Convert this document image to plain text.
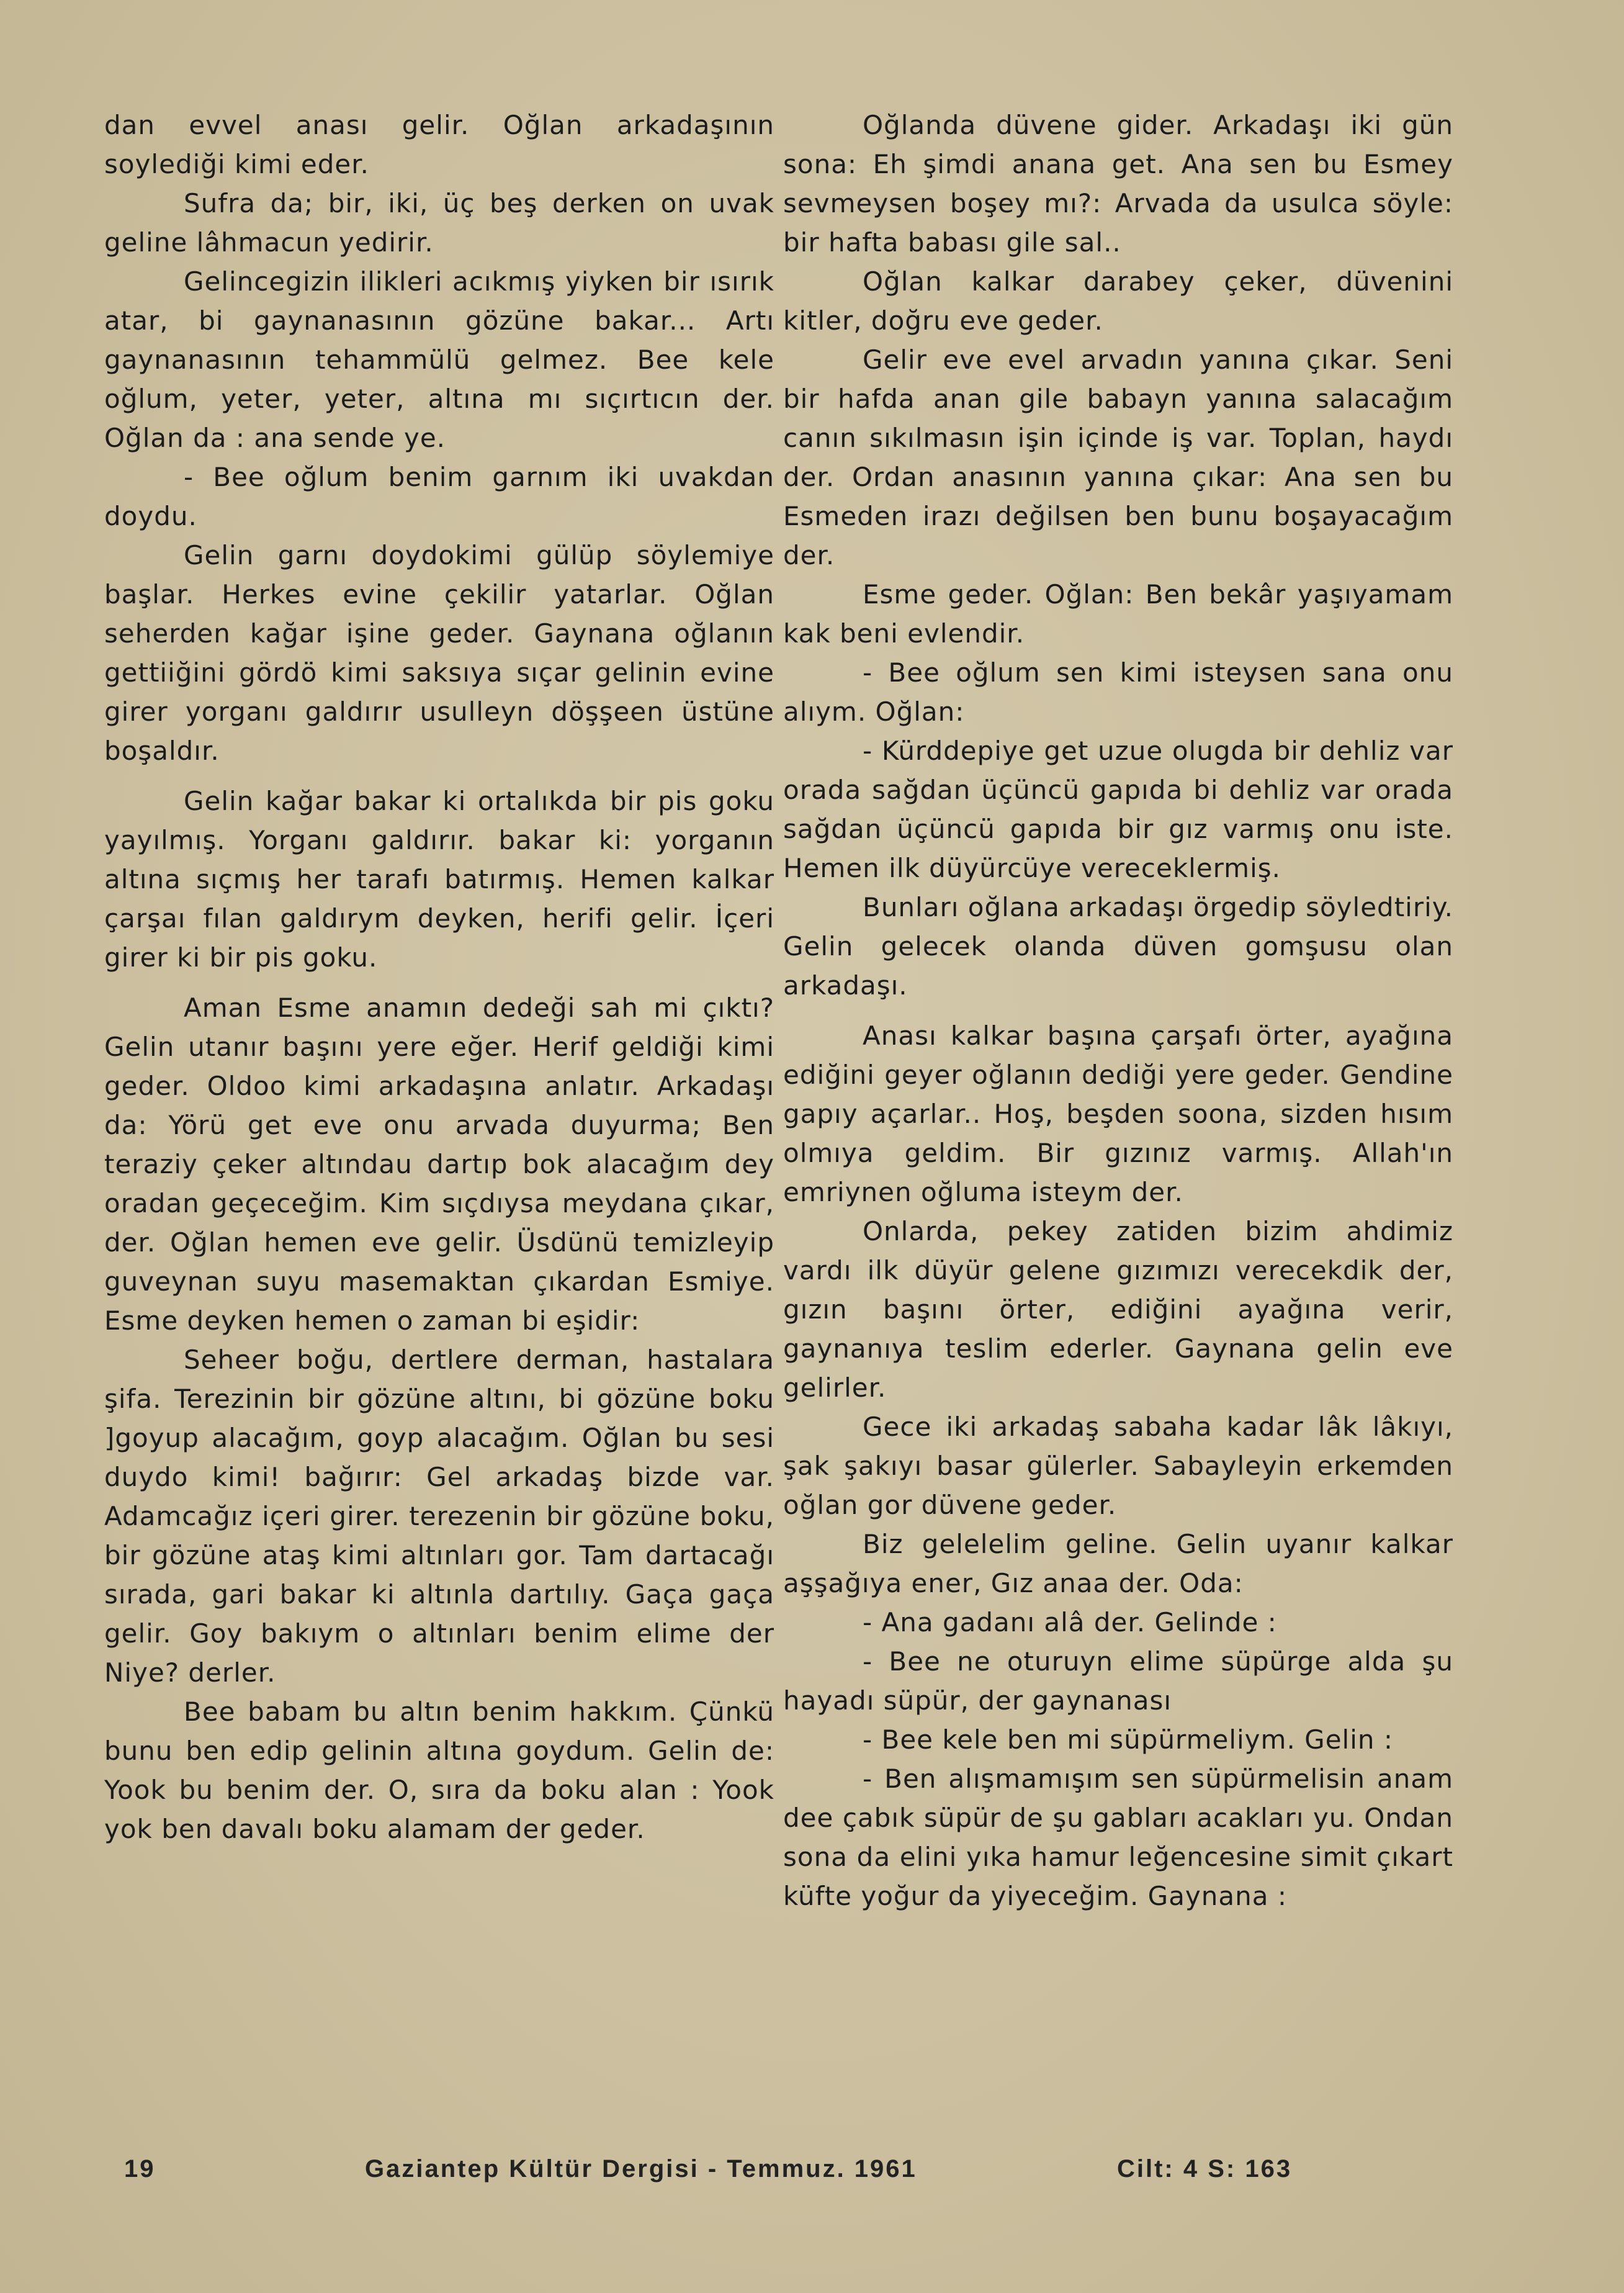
dan evvel anası gelir. Oğlan arkadaşının soylediği kimi eder.

Sufra da; bir, iki, üç beş derken on uvak geline lâhmacun yedirir.

Gelincegizin ilikleri acıkmış yiyken bir ısırık atar, bi gaynanasının gözüne bakar... Artı gaynanasının tehammülü gelmez. Bee kele oğlum, yeter, yeter, altına mı sıçırtıcın der. Oğlan da : ana sende ye.

- Bee oğlum benim garnım iki uvakdan doydu.

Gelin garnı doydokimi gülüp söylemiye başlar. Herkes evine çekilir yatarlar. Oğlan seherden kağar işine geder. Gaynana oğlanın gettiiğini gördö kimi saksıya sıçar gelinin evine girer yorganı galdırır usulleyn döşşeen üstüne boşaldır.

Gelin kağar bakar ki ortalıkda bir pis goku yayılmış. Yorganı galdırır. bakar ki: yorganın altına sıçmış her tarafı batırmış. Hemen kalkar çarşaı fılan galdırym deyken, herifi gelir. İçeri girer ki bir pis goku.

Aman Esme anamın dedeği sah mi çıktı? Gelin utanır başını yere eğer. Herif geldiği kimi geder. Oldoo kimi arkadaşına anlatır. Arkadaşı da: Yörü get eve onu arvada duyurma; Ben teraziy çeker altındau dartıp bok alacağım dey oradan geçeceğim. Kim sıçdıysa meydana çıkar, der. Oğlan hemen eve gelir. Üsdünü temizleyip guveynan suyu masemaktan çıkardan Esmiye. Esme deyken hemen o zaman bi eşidir:

Seheer boğu, dertlere derman, hastalara şifa. Terezinin bir gözüne altını, bi gözüne boku ]goyup alacağım, goyp alacağım. Oğlan bu sesi duydo kimi! bağırır: Gel arkadaş bizde var. Adamcağız içeri girer. terezenin bir gözüne boku, bir gözüne ataş kimi altınları gor. Tam dartacağı sırada, gari bakar ki altınla dartılıy. Gaça gaça gelir. Goy bakıym o altınları benim elime der Niye? derler.

Bee babam bu altın benim hakkım. Çünkü bunu ben edip gelinin altına goydum. Gelin de: Yook bu benim der. O, sıra da boku alan : Yook yok ben davalı boku alamam der geder.

Oğlanda düvene gider. Arkadaşı iki gün sona: Eh şimdi anana get. Ana sen bu Esmey sevmeysen boşey mı?: Arvada da usulca söyle: bir hafta babası gile sal..

Oğlan kalkar darabey çeker, düvenini kitler, doğru eve geder.

Gelir eve evel arvadın yanına çıkar. Seni bir hafda anan gile babayn yanına salacağım canın sıkılmasın işin içinde iş var. Toplan, haydı der. Ordan anasının yanına çıkar: Ana sen bu Esmeden irazı değilsen ben bunu boşayacağım der.

Esme geder. Oğlan: Ben bekâr yaşıyamam kak beni evlendir.

- Bee oğlum sen kimi isteysen sana onu alıym. Oğlan:

- Kürddepiye get uzue olugda bir dehliz var orada sağdan üçüncü gapıda bi dehliz var orada sağdan üçüncü gapıda bir gız varmış onu iste. Hemen ilk düyürcüye vereceklermiş.

Bunları oğlana arkadaşı örgedip söyledtiriy. Gelin gelecek olanda düven gomşusu olan arkadaşı.

Anası kalkar başına çarşafı örter, ayağına ediğini geyer oğlanın dediği yere geder. Gendine gapıy açarlar.. Hoş, beşden soona, sizden hısım olmıya geldim. Bir gızınız varmış. Allah'ın emriynen oğluma isteym der.

Onlarda, pekey zatiden bizim ahdimiz vardı ilk düyür gelene gızımızı verecekdik der, gızın başını örter, ediğini ayağına verir, gaynanıya teslim ederler. Gaynana gelin eve gelirler.

Gece iki arkadaş sabaha kadar lâk lâkıyı, şak şakıyı basar gülerler. Sabayleyin erkemden oğlan gor düvene geder.

Biz gelelelim geline. Gelin uyanır kalkar aşşağıya ener, Gız anaa der. Oda:

- Ana gadanı alâ der. Gelinde :

- Bee ne oturuyn elime süpürge alda şu hayadı süpür, der gaynanası

- Bee kele ben mi süpürmeliym. Gelin :

- Ben alışmamışım sen süpürmelisin anam dee çabık süpür de şu gabları acakları yu. Ondan sona da elini yıka hamur leğencesine simit çıkart küfte yoğur da yiyeceğim. Gaynana :

19	Gaziantep Kültür Dergisi - Temmuz. 1961	Cilt: 4 S: 163
